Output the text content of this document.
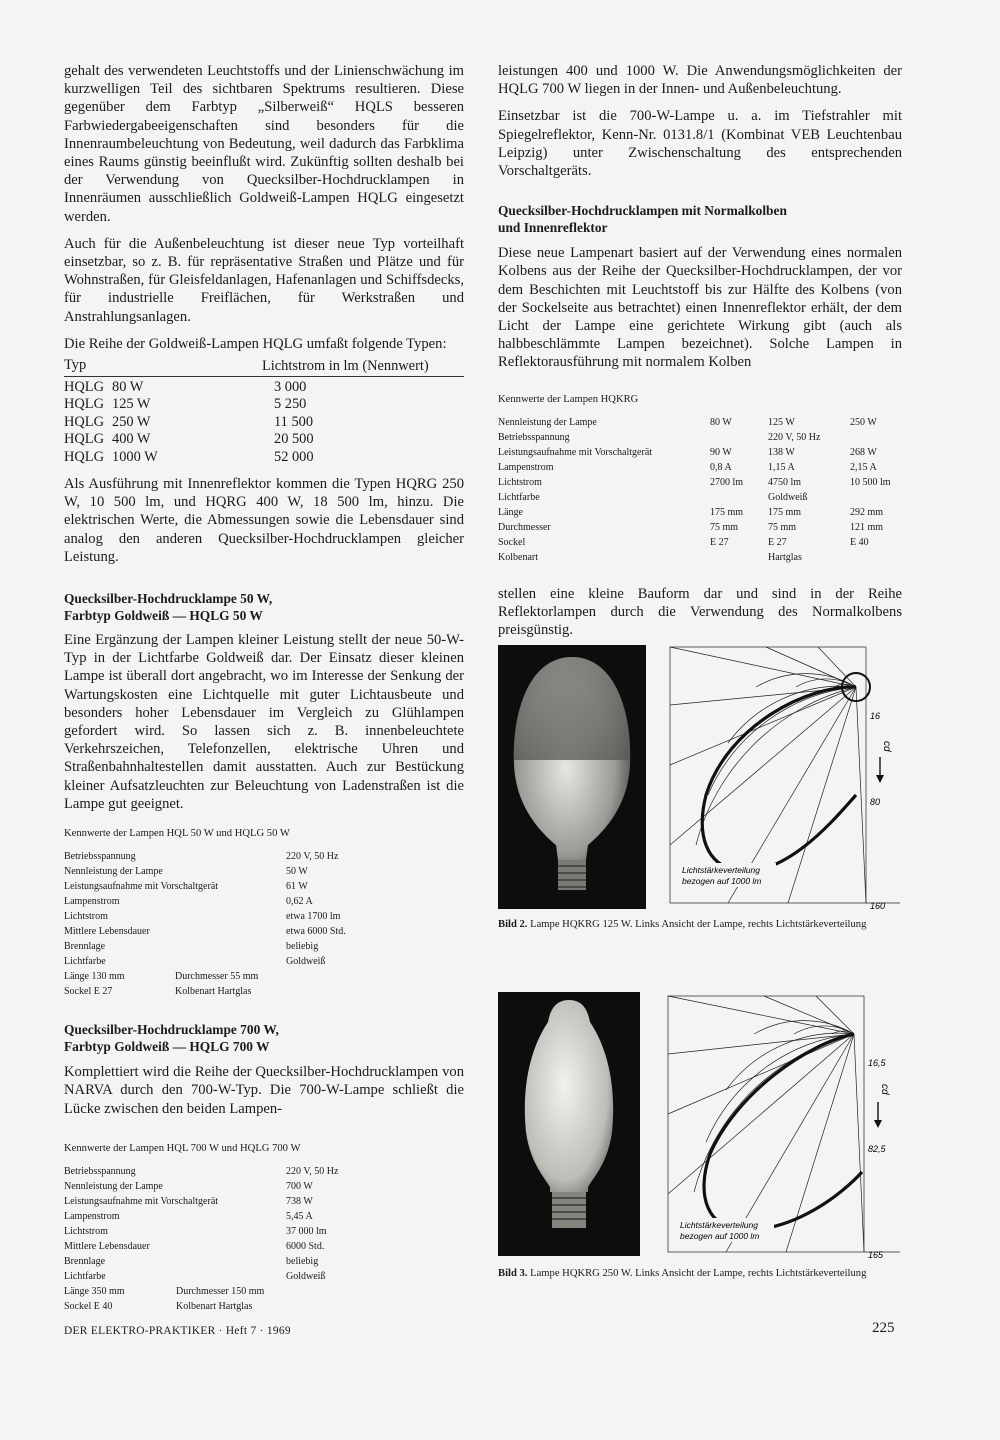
gehalt des verwendeten Leuchtstoffs und der Linienschwächung im kurzwelligen Teil des sichtbaren Spektrums resultieren. Diese gegenüber dem Farbtyp „Silberweiß“ HQLS besseren Farbwiedergabeeigenschaften sind besonders für die Innenraumbeleuchtung von Bedeutung, weil dadurch das Farbklima eines Raums günstig beeinflußt wird. Zukünftig sollten deshalb bei der Verwendung von Quecksilber-Hochdrucklampen in Innenräumen ausschließlich Goldweiß-Lampen HQLG eingesetzt werden.

Auch für die Außenbeleuchtung ist dieser neue Typ vorteilhaft einsetzbar, so z. B. für repräsentative Straßen und Plätze und für Wohnstraßen, für Gleisfeldanlagen, Hafenanlagen und Schiffsdecks, für industrielle Freiflächen, für Werkstraßen und Anstrahlungsanlagen.

Die Reihe der Goldweiß-Lampen HQLG umfaßt folgende Typen:

Typ		Lichtstrom in lm (Nennwert)
HQLG	80 W	3 000
HQLG	125 W	5 250
HQLG	250 W	11 500
HQLG	400 W	20 500
HQLG	1000 W	52 000

Als Ausführung mit Innenreflektor kommen die Typen HQRG 250 W, 10 500 lm, und HQRG 400 W, 18 500 lm, hinzu. Die elektrischen Werte, die Abmessungen sowie die Lebensdauer sind analog den anderen Quecksilber-Hochdrucklampen gleicher Leistung.

Quecksilber-Hochdrucklampe 50 W,
Farbtyp Goldweiß — HQLG 50 W

Eine Ergänzung der Lampen kleiner Leistung stellt der neue 50-W-Typ in der Lichtfarbe Goldweiß dar. Der Einsatz dieser kleinen Lampe ist überall dort angebracht, wo im Interesse der Senkung der Wartungskosten eine Lichtquelle mit guter Lichtausbeute und besonders hoher Lebensdauer im Vergleich zu Glühlampen gefordert wird. So lassen sich z. B. innenbeleuchtete Verkehrszeichen, Telefonzellen, elektrische Uhren und Straßenbahnhaltestellen damit ausstatten. Auch zur Bestückung kleiner Aufsatzleuchten zur Beleuchtung von Ladenstraßen ist die Lampe gut geeignet.

Kennwerte der Lampen HQL 50 W und HQLG 50 W

Betriebsspannung	220 V, 50 Hz
Nennleistung der Lampe	50 W
Leistungsaufnahme mit Vorschaltgerät	61 W
Lampenstrom	0,62 A
Lichtstrom	etwa 1700 lm
Mittlere Lebensdauer	etwa 6000 Std.
Brennlage	beliebig
Lichtfarbe	Goldweiß
Länge 130 mm	Durchmesser 55 mm
Sockel E 27	Kolbenart Hartglas
Quecksilber-Hochdrucklampe 700 W,
Farbtyp Goldweiß — HQLG 700 W

Komplettiert wird die Reihe der Quecksilber-Hochdrucklampen von NARVA durch den 700-W-Typ. Die 700-W-Lampe schließt die Lücke zwischen den beiden Lampen-

Kennwerte der Lampen HQL 700 W und HQLG 700 W

Betriebsspannung	220 V, 50 Hz
Nennleistung der Lampe	700 W
Leistungsaufnahme mit Vorschaltgerät	738 W
Lampenstrom	5,45 A
Lichtstrom	37 000 lm
Mittlere Lebensdauer	6000 Std.
Brennlage	beliebig
Lichtfarbe	Goldweiß
Länge 350 mm	Durchmesser 150 mm
Sockel E 40	Kolbenart Hartglas

leistungen 400 und 1000 W. Die Anwendungsmöglichkeiten der HQLG 700 W liegen in der Innen- und Außenbeleuchtung.

Einsetzbar ist die 700-W-Lampe u. a. im Tiefstrahler mit Spiegelreflektor, Kenn-Nr. 0131.8/1 (Kombinat VEB Leuchtenbau Leipzig) unter Zwischenschaltung des entsprechenden Vorschaltgeräts.

Quecksilber-Hochdrucklampen mit Normalkolben
und Innenreflektor

Diese neue Lampenart basiert auf der Verwendung eines normalen Kolbens aus der Reihe der Quecksilber-Hochdrucklampen, der vor dem Beschichten mit Leuchtstoff bis zur Hälfte des Kolbens (von der Sockelseite aus betrachtet) einen Innenreflektor erhält, der dem Licht der Lampe eine gerichtete Wirkung gibt (auch als halbbeschlämmte Lampen bezeichnet). Solche Lampen in Reflektorausführung mit normalem Kolben

Kennwerte der Lampen HQKRG

Nennleistung der Lampe	80 W	125 W	250 W
Betriebsspannung		220 V, 50 Hz	
Leistungsaufnahme mit Vorschaltgerät	90 W	138 W	268 W
Lampenstrom	0,8 A	1,15 A	2,15 A
Lichtstrom	2700 lm	4750 lm	10 500 lm
Lichtfarbe		Goldweiß	
Länge	175 mm	175 mm	292 mm
Durchmesser	75 mm	75 mm	121 mm
Sockel	E 27	E 27	E 40
Kolbenart		Hartglas	

stellen eine kleine Bauform dar und sind in der Reihe Reflektorlampen durch die Verwendung des Normalkolbens preisgünstig.

16
80
160
cd
Lichtstärkeverteilung
bezogen auf 1000 lm
Bild 2. Lampe HQKRG 125 W. Links Ansicht der Lampe, rechts Lichtstärkeverteilung
16,5
82,5
165
cd
Lichtstärkeverteilung
bezogen auf 1000 lm
Bild 3. Lampe HQKRG 250 W. Links Ansicht der Lampe, rechts Lichtstärkeverteilung
DER ELEKTRO-PRAKTIKER · Heft 7 · 1969	225
